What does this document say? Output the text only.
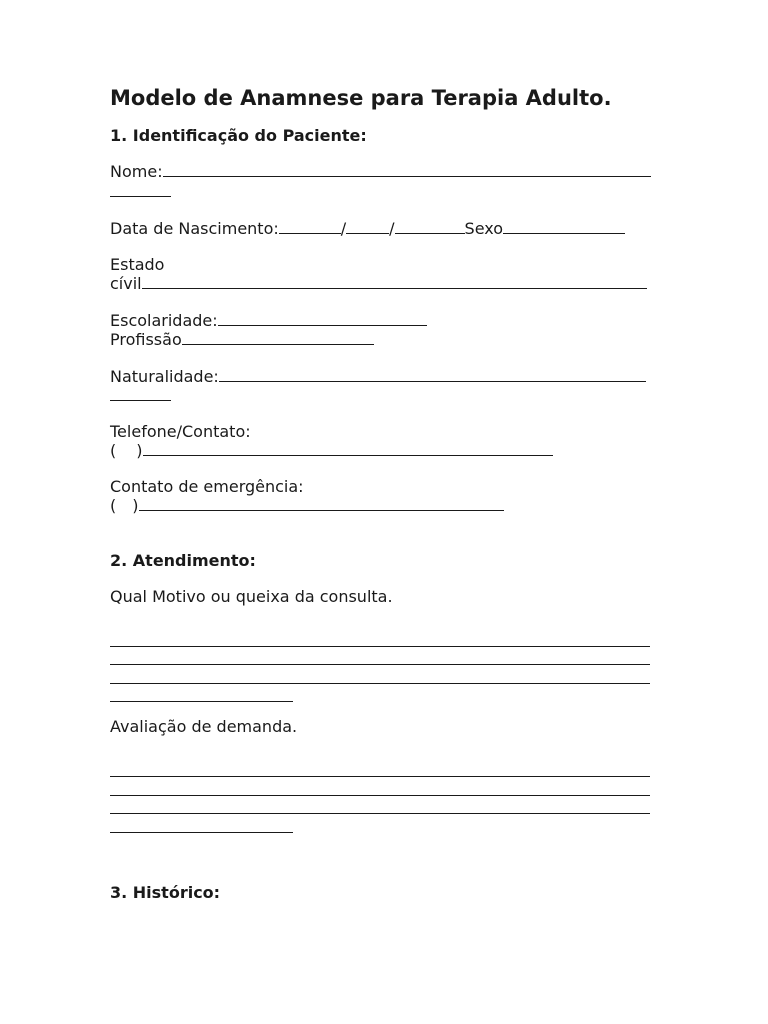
Modelo de Anamnese para Terapia Adulto.
1. Identificação do Paciente:
Nome:
Data de Nascimento:	/	/	Sexo
Estado
cívil
Escolaridade:
Profissão
Naturalidade:
Telefone/Contato:
( )
Contato de emergência:
( )
2. Atendimento:
Qual Motivo ou queixa da consulta.
Avaliação de demanda.
3. Histórico:
